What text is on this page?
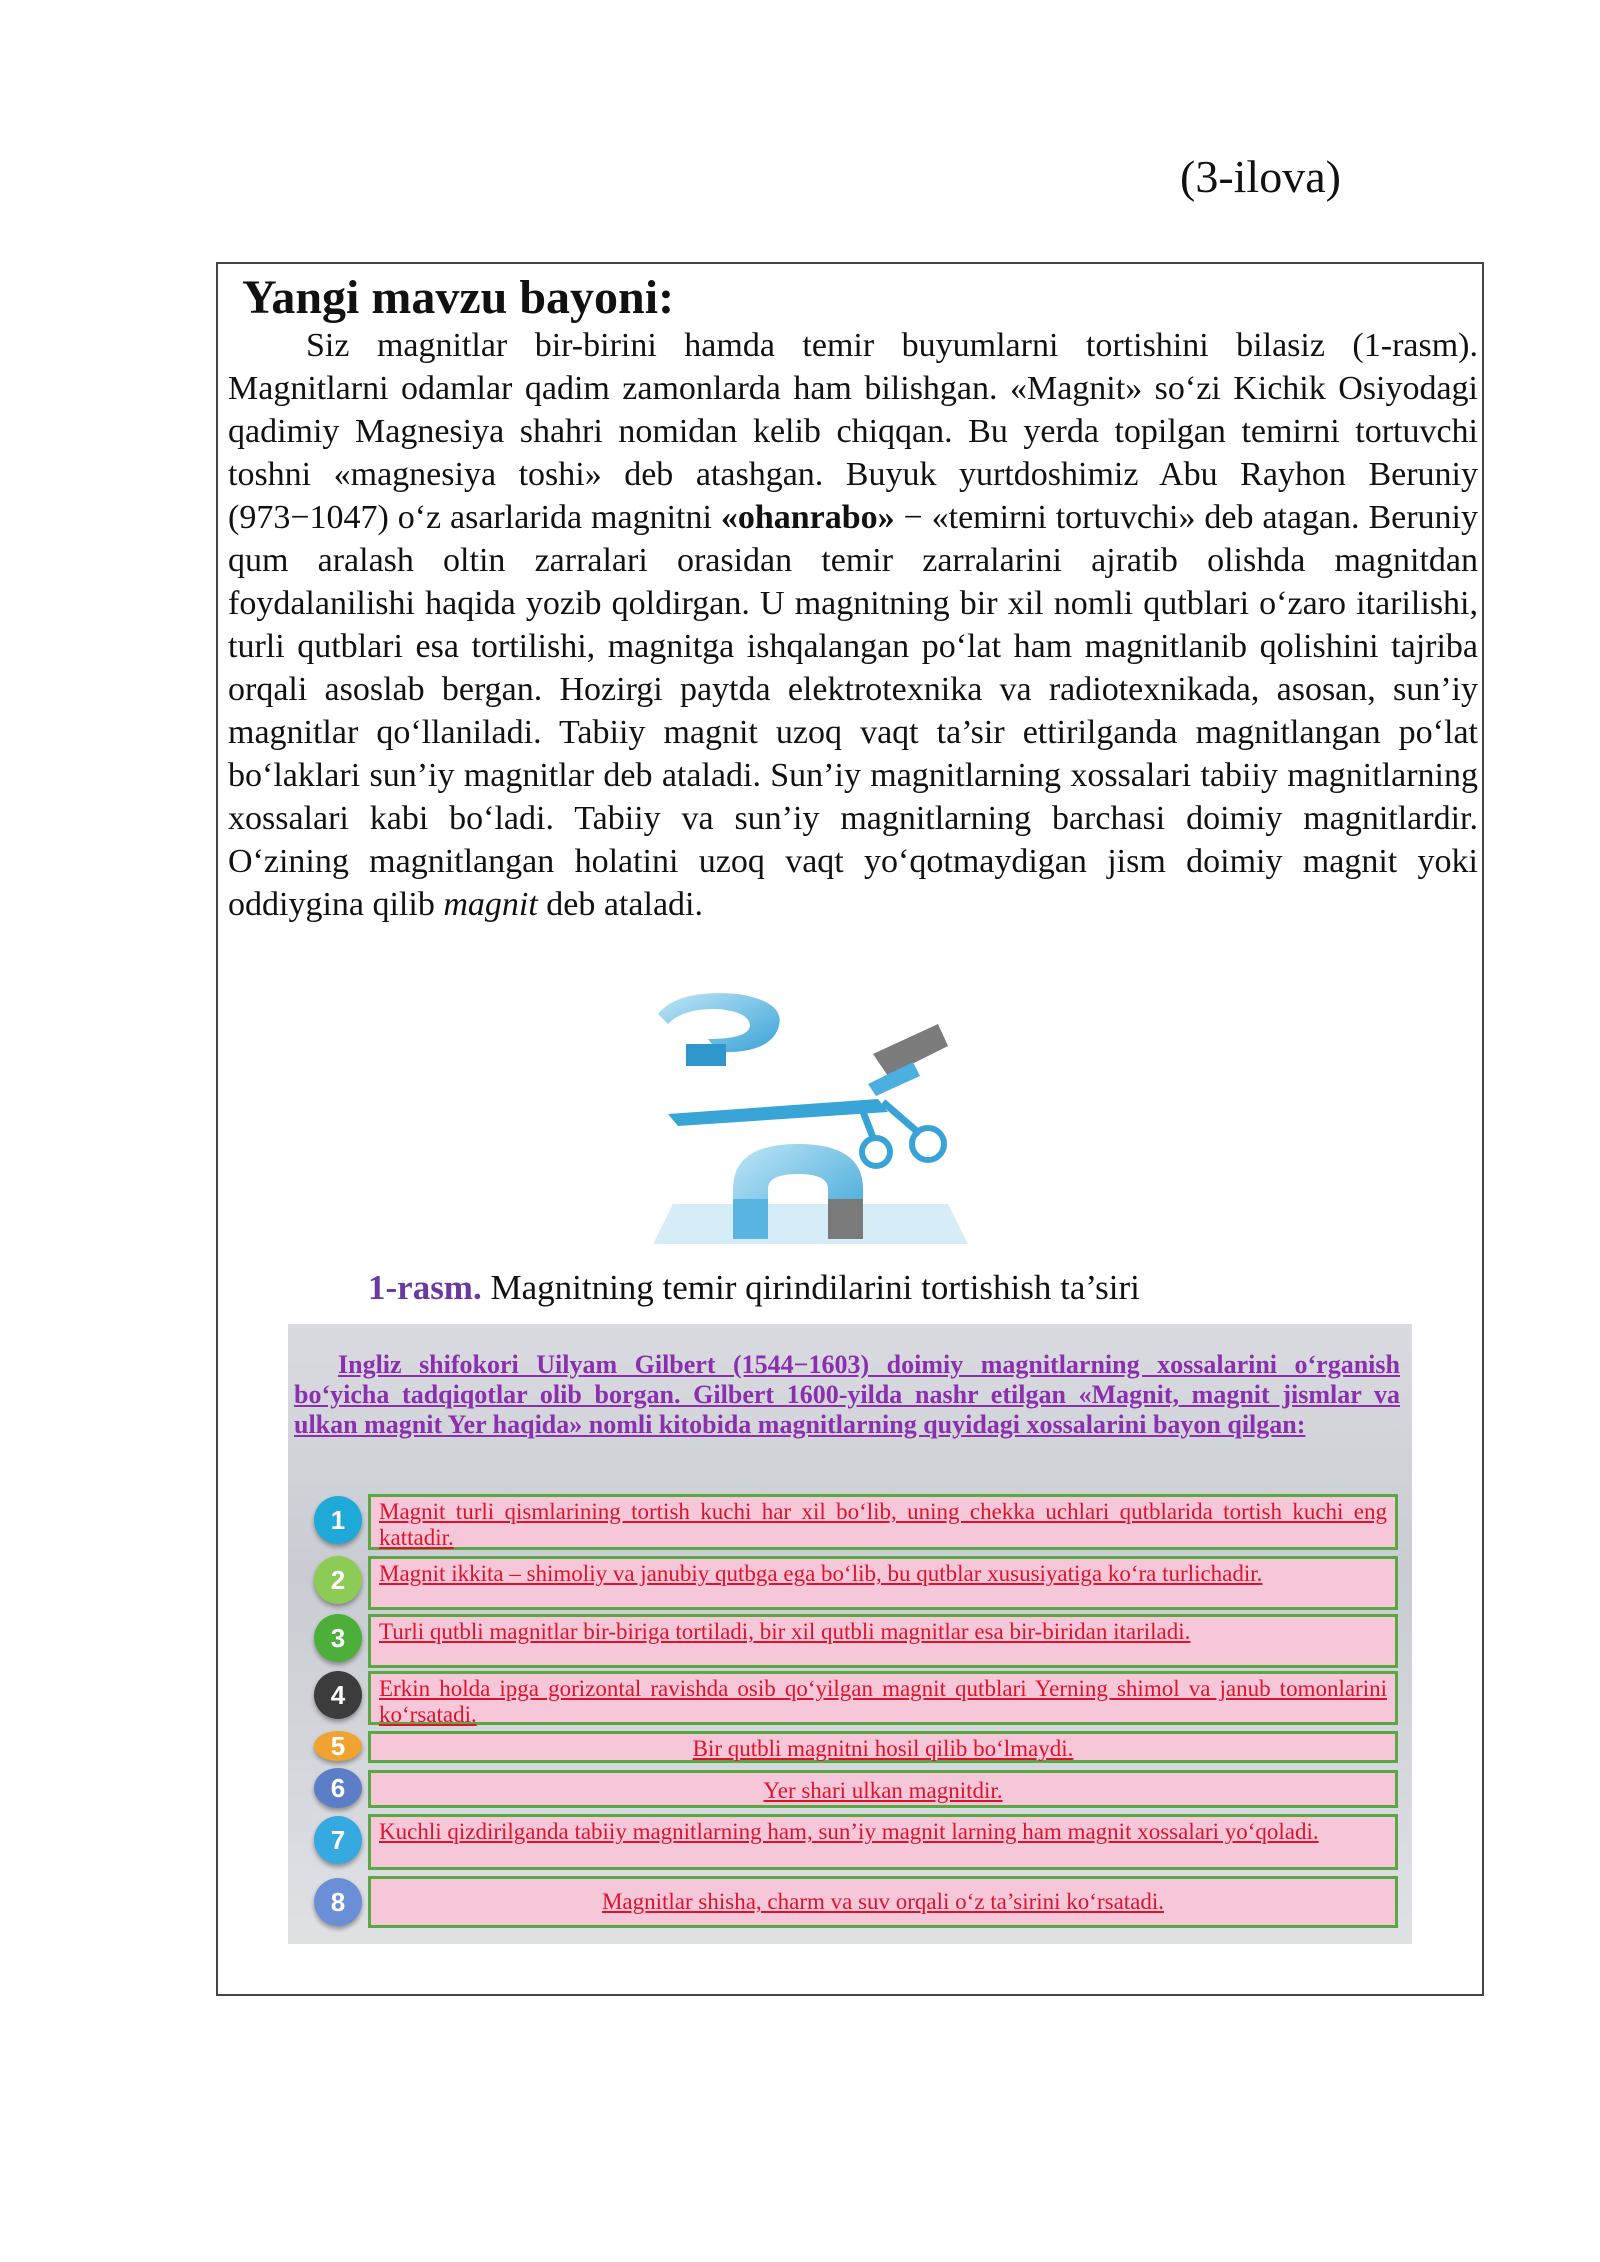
(3-ilova)
Yangi mavzu bayoni:
Siz magnitlar bir-birini hamda temir buyumlarni tortishini bilasiz (1-rasm). Magnitlarni odamlar qadim zamonlarda ham bilishgan. «Magnit» so‘zi Kichik Osiyodagi qadimiy Magnesiya shahri nomidan kelib chiqqan. Bu yerda topilgan temirni tortuvchi toshni «magnesiya toshi» deb atashgan. Buyuk yurtdoshimiz Abu Rayhon Beruniy (973−1047) o‘z asarlarida magnitni «ohanrabo» − «temirni tortuvchi» deb atagan. Beruniy qum aralash oltin zarralari orasidan temir zarralarini ajratib olishda magnitdan foydalanilishi haqida yozib qoldirgan. U magnitning bir xil nomli qutblari o‘zaro itarilishi, turli qutblari esa tortilishi, magnitga ishqalangan po‘lat ham magnitlanib qolishini tajriba orqali asoslab bergan. Hozirgi paytda elektrotexnika va radiotexnikada, asosan, sun’iy magnitlar qo‘llaniladi. Tabiiy magnit uzoq vaqt ta’sir ettirilganda magnitlangan po‘lat bo‘laklari sun’iy magnitlar deb ataladi. Sun’iy magnitlarning xossalari tabiiy magnitlarning xossalari kabi bo‘ladi. Tabiiy va sun’iy magnitlarning barchasi doimiy magnitlardir. O‘zining magnitlangan holatini uzoq vaqt yo‘qotmaydigan jism doimiy magnit yoki oddiygina qilib magnit deb ataladi.
1-rasm. Magnitning temir qirindilarini tortishish ta’siri
Ingliz shifokori Uilyam Gilbert (1544−1603) doimiy magnitlarning xossalarini o‘rganish bo‘yicha tadqiqotlar olib borgan. Gilbert 1600-yilda nashr etilgan «Magnit, magnit jismlar va ulkan magnit Yer haqida» nomli kitobida magnitlarning quyidagi xossalarini bayon qilgan:
1	Magnit turli qismlarining tortish kuchi har xil bo‘lib, uning chekka uchlari qutblarida tortish kuchi eng kattadir.
2	Magnit ikkita – shimoliy va janubiy qutbga ega bo‘lib, bu qutblar xususiyatiga ko‘ra turlichadir.
3	Turli qutbli magnitlar bir-biriga tortiladi, bir xil qutbli magnitlar esa bir-biridan itariladi.
4	Erkin holda ipga gorizontal ravishda osib qo‘yilgan magnit qutblari Yerning shimol va janub tomonlarini ko‘rsatadi.
5	Bir qutbli magnitni hosil qilib bo‘lmaydi.
6	Yer shari ulkan magnitdir.
7	Kuchli qizdirilganda tabiiy magnitlarning ham, sun’iy magnit larning ham magnit xossalari yo‘qoladi.
8	Magnitlar shisha, charm va suv orqali o‘z ta’sirini ko‘rsatadi.
